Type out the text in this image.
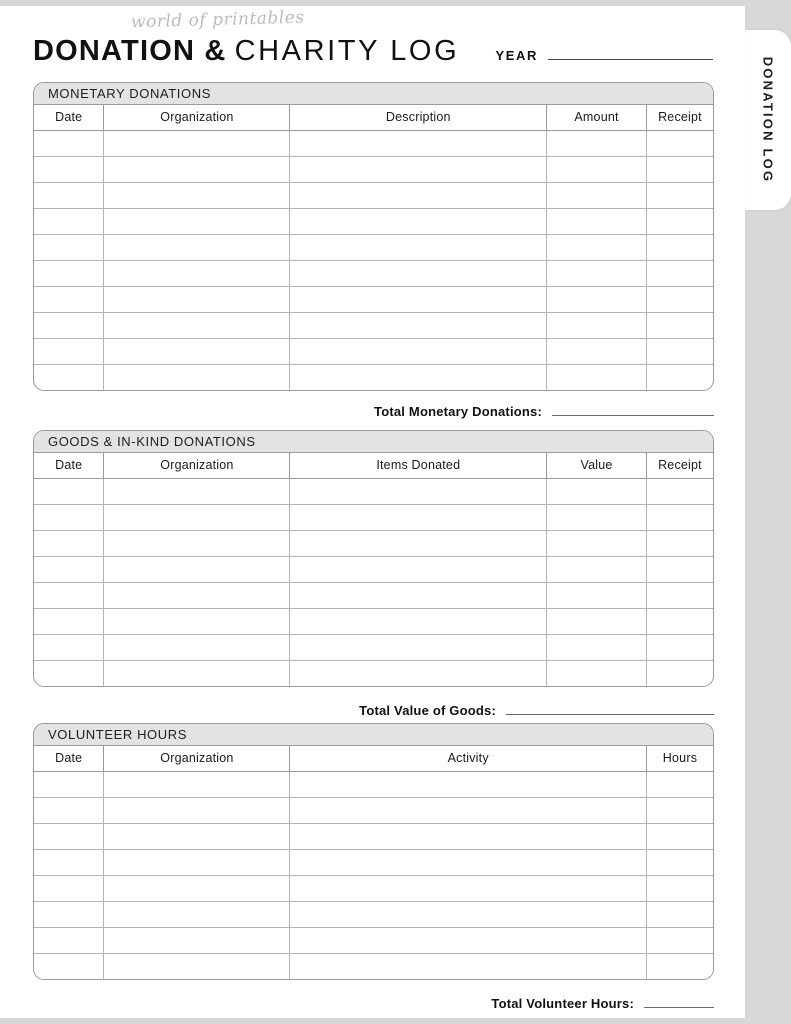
DONATION LOG
world of printables
DONATION & CHARITY LOG	YEAR
MONETARY DONATIONS
Date	Organization	Description	Amount	Receipt

Total Monetary Donations:
GOODS & IN-KIND DONATIONS
Date	Organization	Items Donated	Value	Receipt

Total Value of Goods:
VOLUNTEER HOURS
Date	Organization	Activity	Hours

Total Volunteer Hours:
